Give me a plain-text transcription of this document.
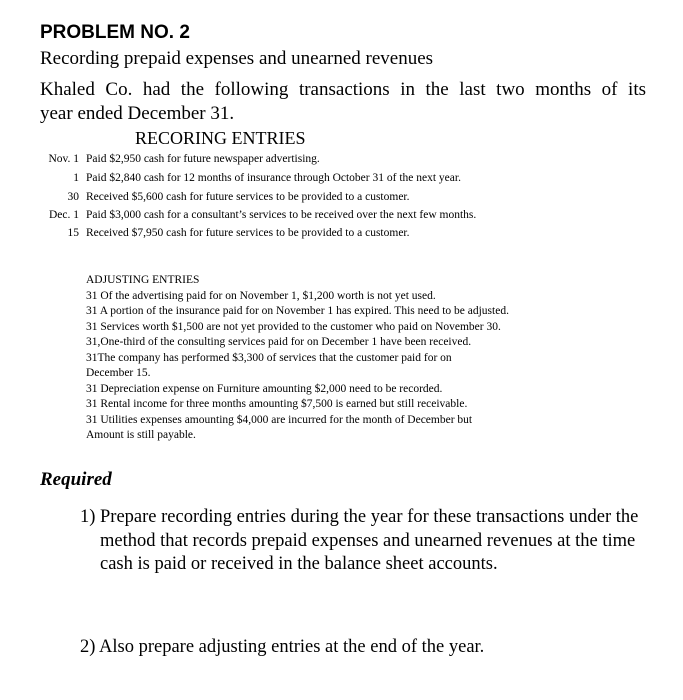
PROBLEM NO. 2
Recording prepaid expenses and unearned revenues
Khaled Co. had the following transactions in the last two months of its
year ended December 31.
RECORING ENTRIES
Nov. 1 Paid $2,950 cash for future newspaper advertising.
1 Paid $2,840 cash for 12 months of insurance through October 31 of the next year.
30 Received $5,600 cash for future services to be provided to a customer.
Dec. 1 Paid $3,000 cash for a consultant’s services to be received over the next few months.
15 Received $7,950 cash for future services to be provided to a customer.
ADJUSTING ENTRIES
31 Of the advertising paid for on November 1, $1,200 worth is not yet used.
31 A portion of the insurance paid for on November 1 has expired. This need to be adjusted.
31 Services worth $1,500 are not yet provided to the customer who paid on November 30.
31,One-third of the consulting services paid for on December 1 have been received.
31The company has performed $3,300 of services that the customer paid for on
December 15.
31 Depreciation expense on Furniture amounting $2,000 need to be recorded.
31 Rental income for three months amounting $7,500 is earned but still receivable.
31 Utilities expenses amounting $4,000 are incurred for the month of December but
Amount is still payable.
Required
1) Prepare recording entries during the year for these transactions under the method that records prepaid expenses and unearned revenues at the time cash is paid or received in the balance sheet accounts.
2) Also prepare adjusting entries at the end of the year.
